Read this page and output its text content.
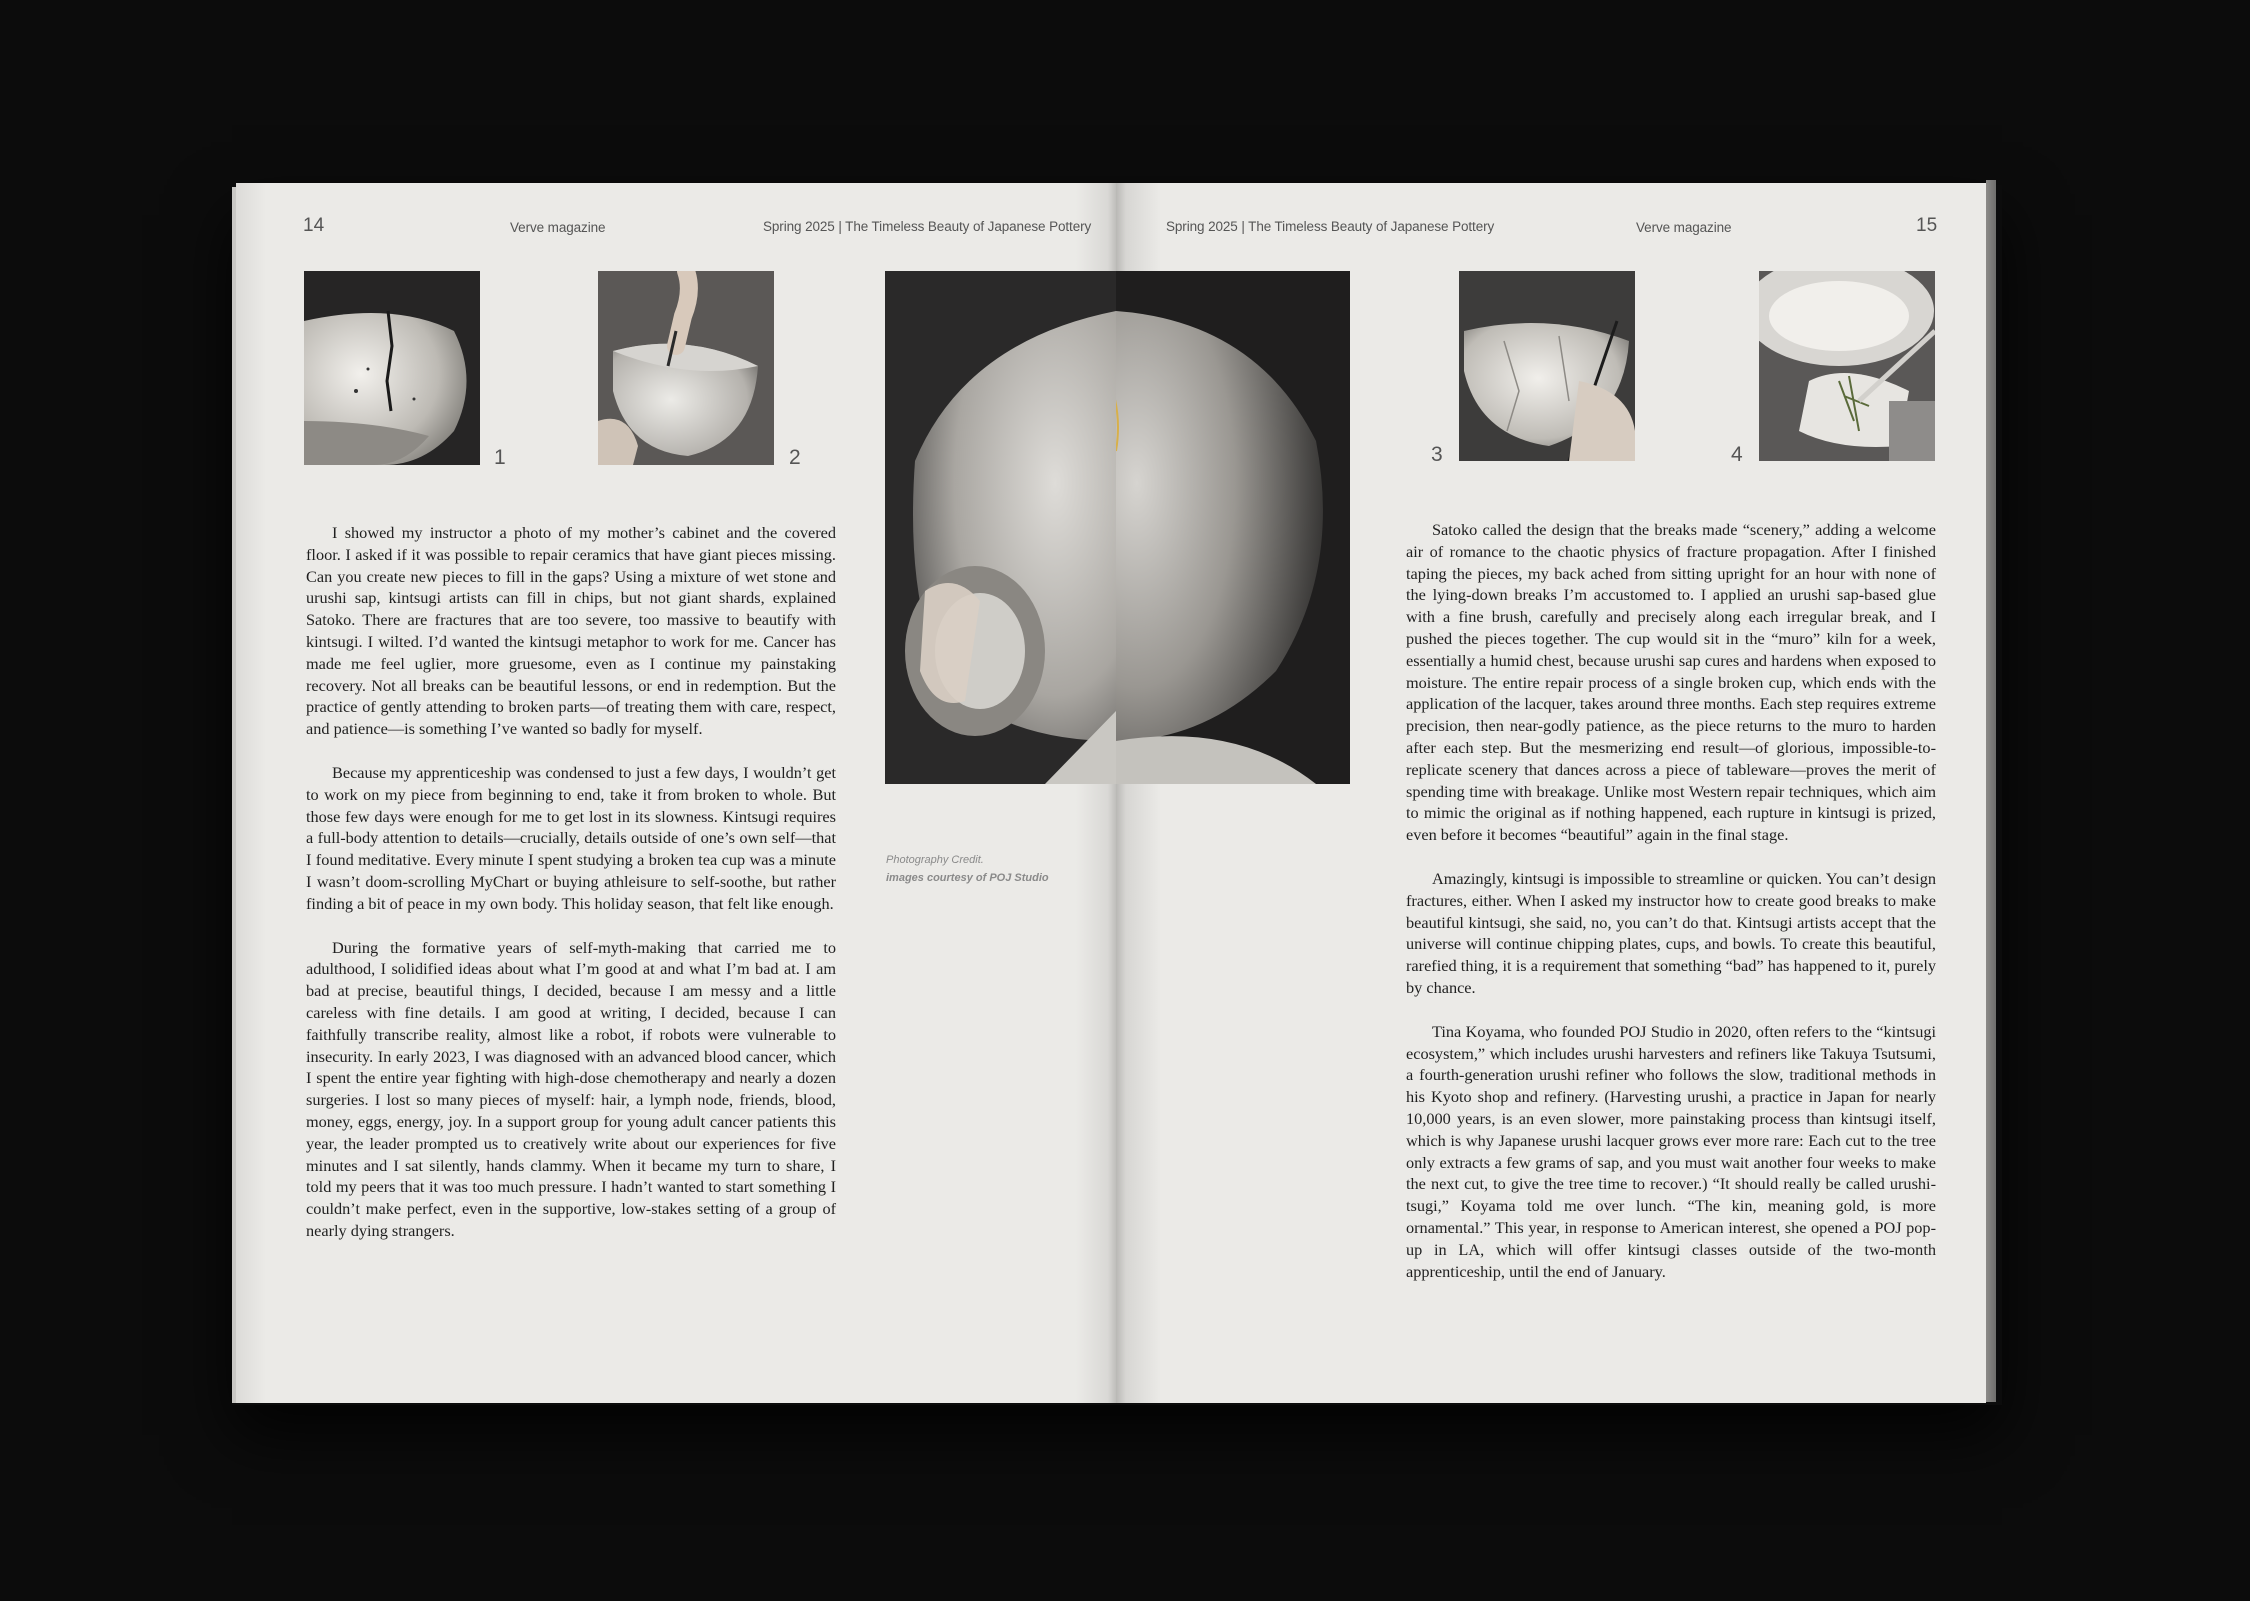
14	Verve magazine	Spring 2025 | The Timeless Beauty of Japanese Pottery
1	2
Photography Credit.
images courtesy of POJ Studio

I showed my instructor a photo of my mother’s cabinet and the covered floor. I asked if it was possible to repair ceramics that have giant pieces missing. Can you create new pieces to fill in the gaps? Using a mixture of wet stone and urushi sap, kintsugi artists can fill in chips, but not giant shards, explained Satoko. There are fractures that are too severe, too massive to beautify with kintsugi. I wilted. I’d wanted the kintsugi metaphor to work for me. Cancer has made me feel uglier, more gruesome, even as I continue my painstaking recovery. Not all breaks can be beautiful lessons, or end in redemption. But the practice of gently attending to broken parts—of treating them with care, respect, and patience—is something I’ve wanted so badly for myself.

Because my apprenticeship was condensed to just a few days, I wouldn’t get to work on my piece from beginning to end, take it from broken to whole. But those few days were enough for me to get lost in its slowness. Kintsugi requires a full-body attention to details—crucially, details outside of one’s own self—that I found meditative. Every minute I spent studying a broken tea cup was a minute I wasn’t doom-scrolling MyChart or buying athleisure to self-soothe, but rather finding a bit of peace in my own body. This holiday season, that felt like enough.

During the formative years of self-myth-making that carried me to adulthood, I solidified ideas about what I’m good at and what I’m bad at. I am bad at precise, beautiful things, I decided, because I am messy and a little careless with fine details. I am good at writing, I decided, because I can faithfully transcribe reality, almost like a robot, if robots were vulnerable to insecurity. In early 2023, I was diagnosed with an advanced blood cancer, which I spent the entire year fighting with high-dose chemotherapy and nearly a dozen surgeries. I lost so many pieces of myself: hair, a lymph node, friends, blood, money, eggs, energy, joy. In a support group for young adult cancer patients this year, the leader prompted us to creatively write about our experiences for five minutes and I sat silently, hands clammy. When it became my turn to share, I told my peers that it was too much pressure. I hadn’t wanted to start something I couldn’t make perfect, even in the supportive, low-stakes setting of a group of nearly dying strangers.

Spring 2025 | The Timeless Beauty of Japanese Pottery	Verve magazine	15
3	4

Satoko called the design that the breaks made “scenery,” adding a welcome air of romance to the chaotic physics of fracture propagation. After I finished taping the pieces, my back ached from sitting upright for an hour with none of the lying-down breaks I’m accustomed to. I applied an urushi sap-based glue with a fine brush, carefully and precisely along each irregular break, and I pushed the pieces together. The cup would sit in the “muro” kiln for a week, essentially a humid chest, because urushi sap cures and hardens when exposed to moisture. The entire repair process of a single broken cup, which ends with the application of the lacquer, takes around three months. Each step requires extreme precision, then near-godly patience, as the piece returns to the muro to harden after each step. But the mesmerizing end result—of glorious, impossible-to-replicate scenery that dances across a piece of tableware—proves the merit of spending time with breakage. Unlike most Western repair techniques, which aim to mimic the original as if nothing happened, each rupture in kintsugi is prized, even before it becomes “beautiful” again in the final stage.

Amazingly, kintsugi is impossible to streamline or quicken. You can’t design fractures, either. When I asked my instructor how to create good breaks to make beautiful kintsugi, she said, no, you can’t do that. Kintsugi artists accept that the universe will continue chipping plates, cups, and bowls. To create this beautiful, rarefied thing, it is a requirement that something “bad” has happened to it, purely by chance.

Tina Koyama, who founded POJ Studio in 2020, often refers to the “kintsugi ecosystem,” which includes urushi harvesters and refiners like Takuya Tsutsumi, a fourth-generation urushi refiner who follows the slow, traditional methods in his Kyoto shop and refinery. (Harvesting urushi, a practice in Japan for nearly 10,000 years, is an even slower, more painstaking process than kintsugi itself, which is why Japanese urushi lacquer grows ever more rare: Each cut to the tree only extracts a few grams of sap, and you must wait another four weeks to make the next cut, to give the tree time to recover.) “It should really be called urushi-tsugi,” Koyama told me over lunch. “The kin, meaning gold, is more ornamental.” This year, in response to American interest, she opened a POJ pop-up in LA, which will offer kintsugi classes outside of the two-month apprenticeship, until the end of January.
